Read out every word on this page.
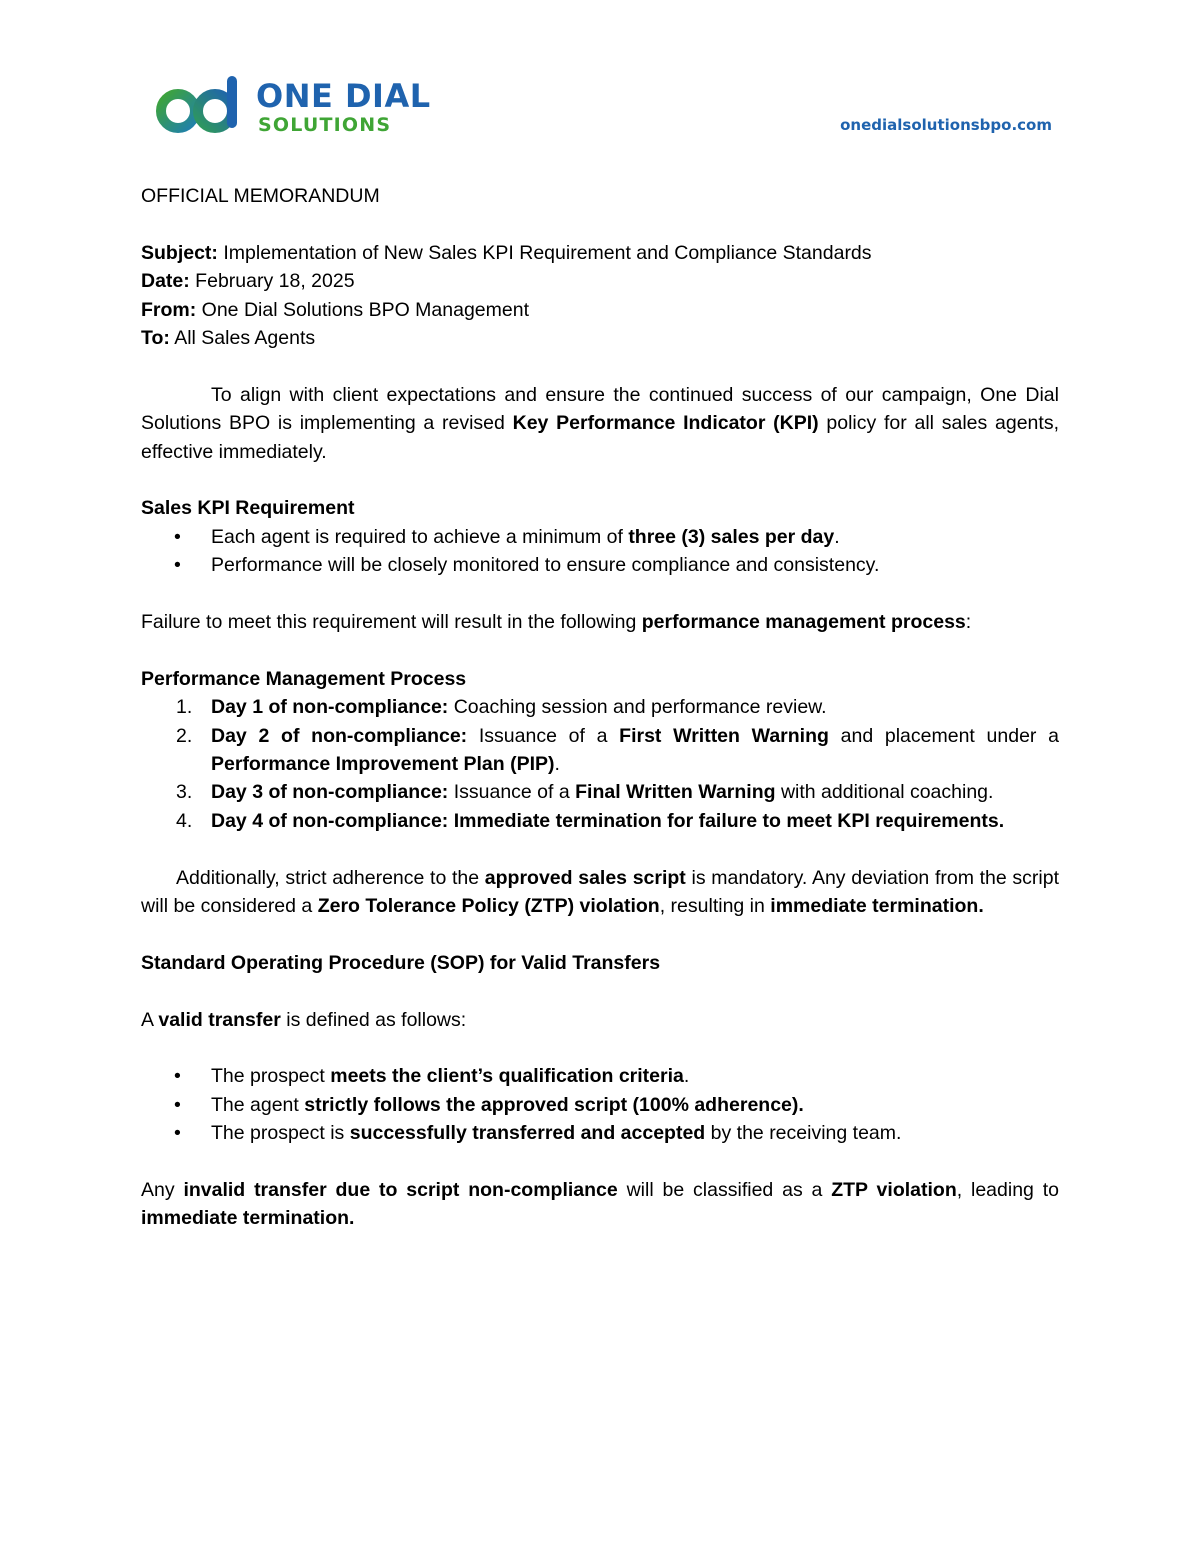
ONE DIAL
SOLUTIONS	onedialsolutionsbpo.com

OFFICIAL MEMORANDUM

Subject: Implementation of New Sales KPI Requirement and Compliance Standards

Date: February 18, 2025

From: One Dial Solutions BPO Management

To: All Sales Agents

To align with client expectations and ensure the continued success of our campaign, One Dial Solutions BPO is implementing a revised Key Performance Indicator (KPI) policy for all sales agents, effective immediately.

Sales KPI Requirement

• Each agent is required to achieve a minimum of three (3) sales per day.
• Performance will be closely monitored to ensure compliance and consistency.

Failure to meet this requirement will result in the following performance management process:

Performance Management Process

1. Day 1 of non-compliance: Coaching session and performance review.
2. Day 2 of non-compliance: Issuance of a First Written Warning and placement under a Performance Improvement Plan (PIP).
3. Day 3 of non-compliance: Issuance of a Final Written Warning with additional coaching.
4. Day 4 of non-compliance: Immediate termination for failure to meet KPI requirements.

Additionally, strict adherence to the approved sales script is mandatory. Any deviation from the script will be considered a Zero Tolerance Policy (ZTP) violation, resulting in immediate termination.

Standard Operating Procedure (SOP) for Valid Transfers

A valid transfer is defined as follows:

• The prospect meets the client’s qualification criteria.
• The agent strictly follows the approved script (100% adherence).
• The prospect is successfully transferred and accepted by the receiving team.

Any invalid transfer due to script non-compliance will be classified as a ZTP violation, leading to immediate termination.
